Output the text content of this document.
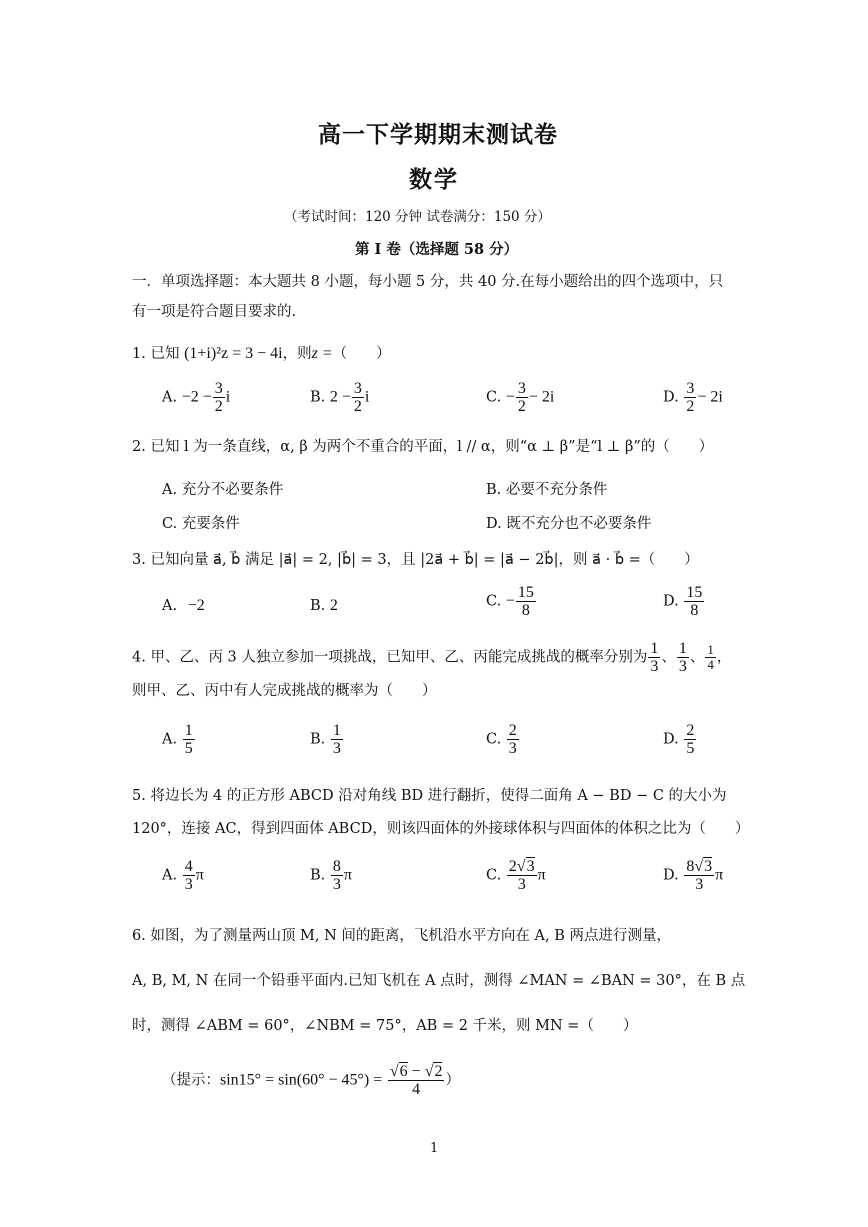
高一下学期期末测试卷
数学
（考试时间：120 分钟 试卷满分：150 分）
第 I 卷（选择题 58 分）
一．单项选择题：本大题共 8 小题，每小题 5 分，共 40 分.在每小题给出的四个选项中，只
有一项是符合题目要求的.
1. 已知 (1+i)²z = 3 − 4i，则z =（　　）
A. $-2 - \frac{3}{2}$ i	B. $2 - \frac{3}{2}$ i	C. − $\frac{3}{2} - 2i$	D. $\frac{3}{2} - 2i$
2. 已知 l 为一条直线，α, β 为两个不重合的平面，l // α，则“α ⊥ β”是“l ⊥ β”的（　　）
A. 充分不必要条件	B. 必要不充分条件
C. 充要条件	D. 既不充分也不必要条件
3. 已知向量 a⃗, b⃗ 满足 |a⃗| = 2, |b⃗| = 3，且 |2a⃗ + b⃗| = |a⃗ − 2b⃗|，则 a⃗ · b⃗ =（　　）
A. −2	B. 2	C. − $\frac{15}{8}$	D. $\frac{15}{8}$
4. 甲、乙、丙 3 人独立参加一项挑战，已知甲、乙、丙能完成挑战的概率分别为 $\frac{1}{3}$ 、 $\frac{1}{3}$ 、 $\frac{1}{4}$ ，
则甲、乙、丙中有人完成挑战的概率为（　　）
A. $\frac{1}{5}$	B. $\frac{1}{3}$	C. $\frac{2}{3}$	D. $\frac{2}{5}$
5. 将边长为 4 的正方形 ABCD 沿对角线 BD 进行翻折，使得二面角 A − BD − C 的大小为
120°，连接 AC，得到四面体 ABCD，则该四面体的外接球体积与四面体的体积之比为（　　）
A. $\frac{4}{3}$ π	B. $\frac{8}{3}$ π	C. $\frac{2√3}{3}$ π	D. $\frac{8√3}{3}$ π
6. 如图，为了测量两山顶 M, N 间的距离，飞机沿水平方向在 A, B 两点进行测量，
A, B, M, N 在同一个铅垂平面内.已知飞机在 A 点时，测得 ∠MAN = ∠BAN = 30°，在 B 点
时，测得 ∠ABM = 60°，∠NBM = 75°，AB = 2 千米，则 MN =（　　）
（提示：$\sin 15^\circ = \sin(60^\circ - 45^\circ) = \frac{√6 - √2}{4}$ ）
1
